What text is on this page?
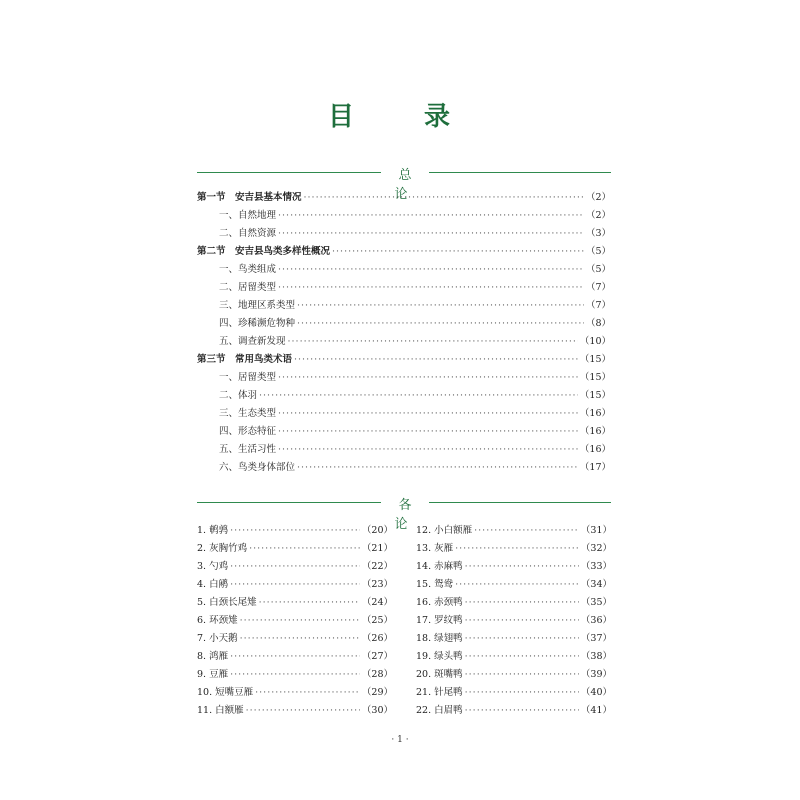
目　录
总 论
第一节　安吉县基本情况 ·····	（2）
一、自然地理 ·····	（2）
二、自然资源 ·····	（3）
第二节　安吉县鸟类多样性概况 ·····	（5）
一、鸟类组成 ·····	（5）
二、居留类型 ·····	（7）
三、地理区系类型 ·····	（7）
四、珍稀濒危物种 ·····	（8）
五、调查新发现 ·····	（10）
第三节　常用鸟类术语 ·····	（15）
一、居留类型 ·····	（15）
二、体羽 ·····	（15）
三、生态类型 ·····	（16）
四、形态特征 ·····	（16）
五、生活习性 ·····	（16）
六、鸟类身体部位 ·····	（17）
各 论
1. 鹌鹑 ·····	（20）
2. 灰胸竹鸡 ·····	（21）
3. 勺鸡 ·····	（22）
4. 白鹇 ·····	（23）
5. 白颈长尾雉 ·····	（24）
6. 环颈雉 ·····	（25）
7. 小天鹅 ·····	（26）
8. 鸿雁 ·····	（27）
9. 豆雁 ·····	（28）
10. 短嘴豆雁 ·····	（29）
11. 白额雁 ·····	（30）
12. 小白额雁 ·····	（31）
13. 灰雁 ·····	（32）
14. 赤麻鸭 ·····	（33）
15. 鸳鸯 ·····	（34）
16. 赤颈鸭 ·····	（35）
17. 罗纹鸭 ·····	（36）
18. 绿翅鸭 ·····	（37）
19. 绿头鸭 ·····	（38）
20. 斑嘴鸭 ·····	（39）
21. 针尾鸭 ·····	（40）
22. 白眉鸭 ·····	（41）
· 1 ·
